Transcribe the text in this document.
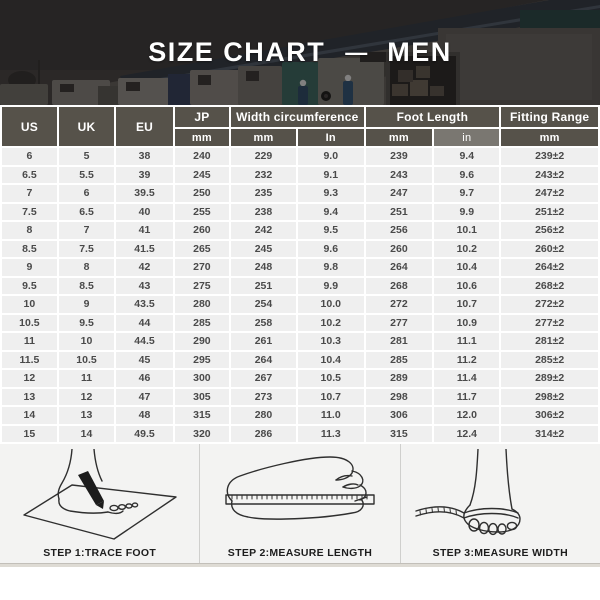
SIZE CHART — MEN
US	UK	EU	JP	Width circumference		Foot Length		Fitting Range
			mm	mm	In	mm	in	mm
6	5	38	240	229	9.0	239	9.4	239±2
6.5	5.5	39	245	232	9.1	243	9.6	243±2
7	6	39.5	250	235	9.3	247	9.7	247±2
7.5	6.5	40	255	238	9.4	251	9.9	251±2
8	7	41	260	242	9.5	256	10.1	256±2
8.5	7.5	41.5	265	245	9.6	260	10.2	260±2
9	8	42	270	248	9.8	264	10.4	264±2
9.5	8.5	43	275	251	9.9	268	10.6	268±2
10	9	43.5	280	254	10.0	272	10.7	272±2
10.5	9.5	44	285	258	10.2	277	10.9	277±2
11	10	44.5	290	261	10.3	281	11.1	281±2
11.5	10.5	45	295	264	10.4	285	11.2	285±2
12	11	46	300	267	10.5	289	11.4	289±2
13	12	47	305	273	10.7	298	11.7	298±2
14	13	48	315	280	11.0	306	12.0	306±2
15	14	49.5	320	286	11.3	315	12.4	314±2
STEP 1:TRACE FOOT	STEP 2:MEASURE LENGTH	STEP 3:MEASURE WIDTH
